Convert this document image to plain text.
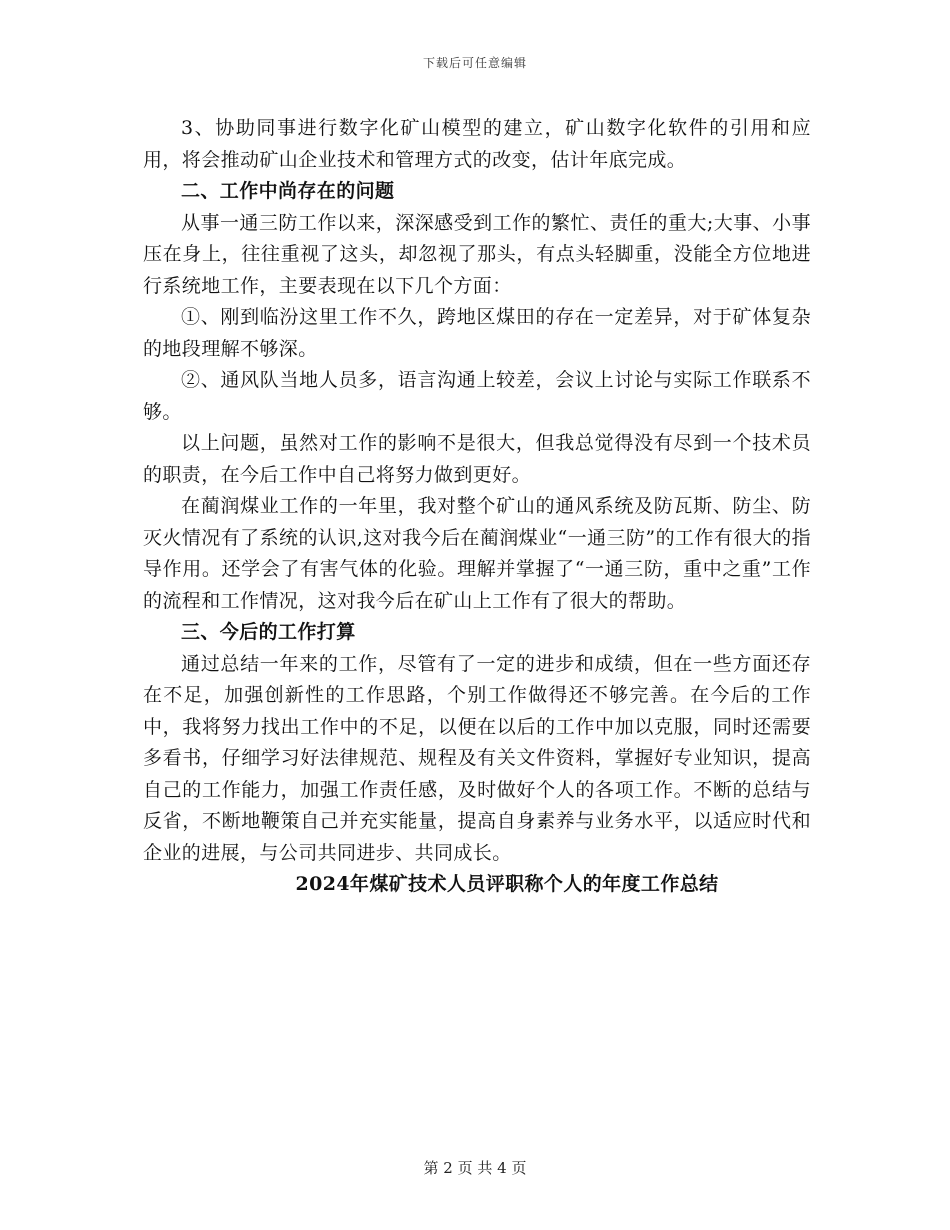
下载后可任意编辑

3、协助同事进行数字化矿山模型的建立，矿山数字化软件的引用和应用，将会推动矿山企业技术和管理方式的改变，估计年底完成。

二、工作中尚存在的问题

从事一通三防工作以来，深深感受到工作的繁忙、责任的重大;大事、小事压在身上，往往重视了这头，却忽视了那头，有点头轻脚重，没能全方位地进行系统地工作，主要表现在以下几个方面：

①、刚到临汾这里工作不久，跨地区煤田的存在一定差异，对于矿体复杂的地段理解不够深。

②、通风队当地人员多，语言沟通上较差，会议上讨论与实际工作联系不够。

以上问题，虽然对工作的影响不是很大，但我总觉得没有尽到一个技术员的职责，在今后工作中自己将努力做到更好。

在蔺润煤业工作的一年里，我对整个矿山的通风系统及防瓦斯、防尘、防灭火情况有了系统的认识,这对我今后在蔺润煤业“一通三防”的工作有很大的指导作用。还学会了有害气体的化验。理解并掌握了“一通三防，重中之重”工作的流程和工作情况，这对我今后在矿山上工作有了很大的帮助。

三、今后的工作打算

通过总结一年来的工作，尽管有了一定的进步和成绩，但在一些方面还存在不足，加强创新性的工作思路，个别工作做得还不够完善。在今后的工作中，我将努力找出工作中的不足，以便在以后的工作中加以克服，同时还需要多看书，仔细学习好法律规范、规程及有关文件资料，掌握好专业知识，提高自己的工作能力，加强工作责任感，及时做好个人的各项工作。不断的总结与反省，不断地鞭策自己并充实能量，提高自身素养与业务水平，以适应时代和企业的进展，与公司共同进步、共同成长。

2024年煤矿技术人员评职称个人的年度工作总结

第 2 页 共 4 页
